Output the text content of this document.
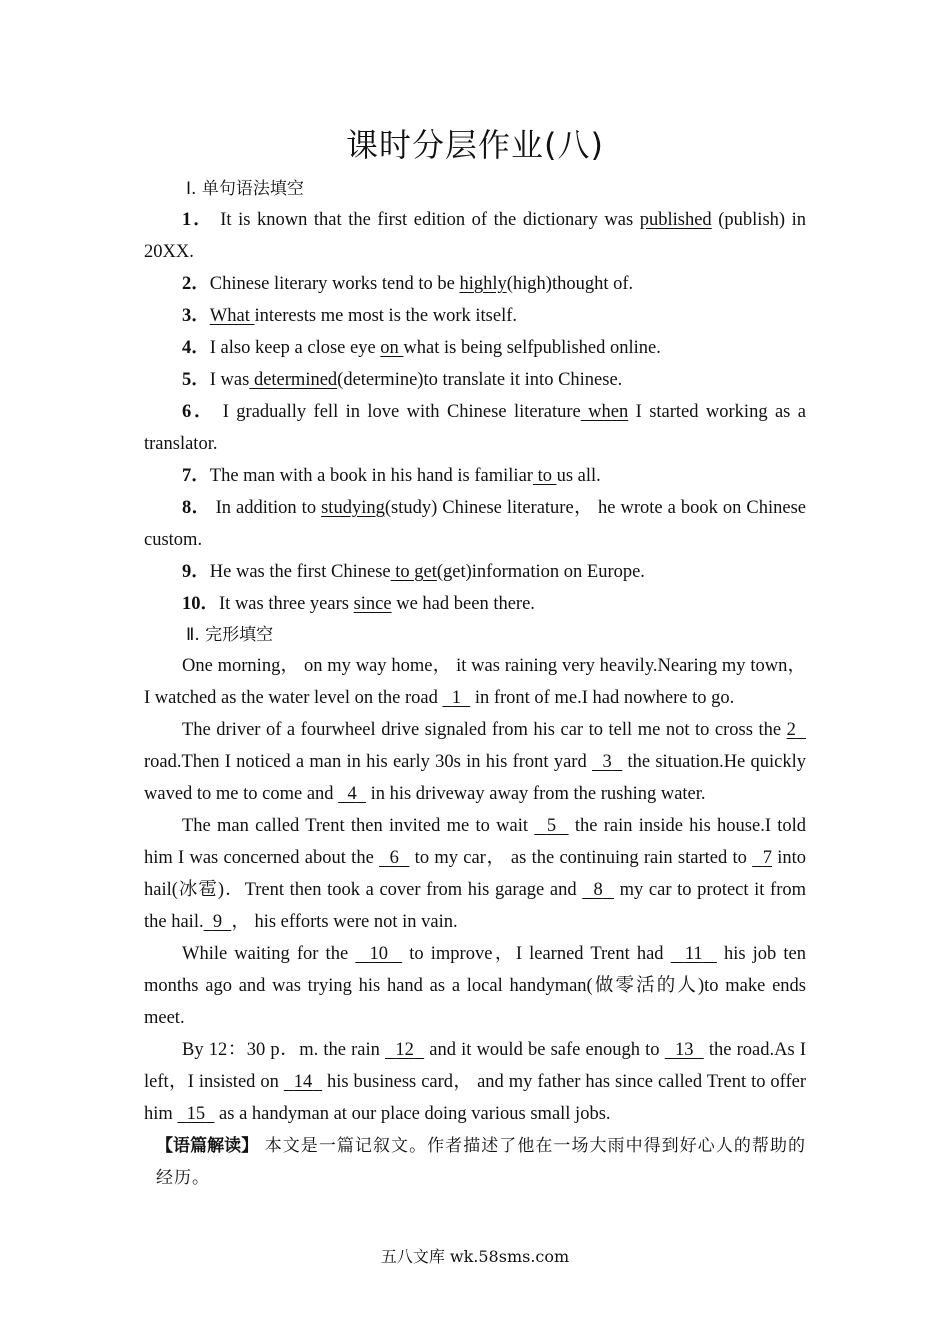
课时分层作业(八)
Ⅰ. 单句语法填空
1． It is known that the first edition of the dictionary was published (publish) in 20XX.
2．Chinese literary works tend to be highly(high)thought of.
3．What interests me most is the work itself.
4．I also keep a close eye on what is being selfpublished online.
5．I was determined(determine)to translate it into Chinese.
6． I gradually fell in love with Chinese literature when I started working as a translator.
7．The man with a book in his hand is familiar to us all.
8． In addition to studying(study) Chinese literature， he wrote a book on Chinese custom.
9．He was the first Chinese to get(get)information on Europe.
10．It was three years since we had been there.
Ⅱ. 完形填空
One morning， on my way home， it was raining very heavily.Nearing my town，I watched as the water level on the road   1   in front of me.I had nowhere to go.
The driver of a fourwheel drive signaled from his car to tell me not to cross the 2   road.Then I noticed a man in his early 30s in his front yard   3   the situation.He quickly waved to me to come and   4   in his driveway away from the rushing water.
The man called Trent then invited me to wait   5   the rain inside his house.I told him I was concerned about the   6   to my car， as the continuing rain started to   7 into hail(冰雹)．Trent then took a cover from his garage and   8   my car to protect it from the hail. 9 ， his efforts were not in vain.
While waiting for the   10   to improve，I learned Trent had   11   his job ten months ago and was trying his hand as a local handyman(做零活的人)to make ends meet.
By 12：30 p．m. the rain   12   and it would be safe enough to   13   the road.As I left，I insisted on   14   his business card， and my father has since called Trent to offer him   15   as a handyman at our place doing various small jobs.
【语篇解读】 本文是一篇记叙文。作者描述了他在一场大雨中得到好心人的帮助的经历。
五八文库 wk.58sms.com
